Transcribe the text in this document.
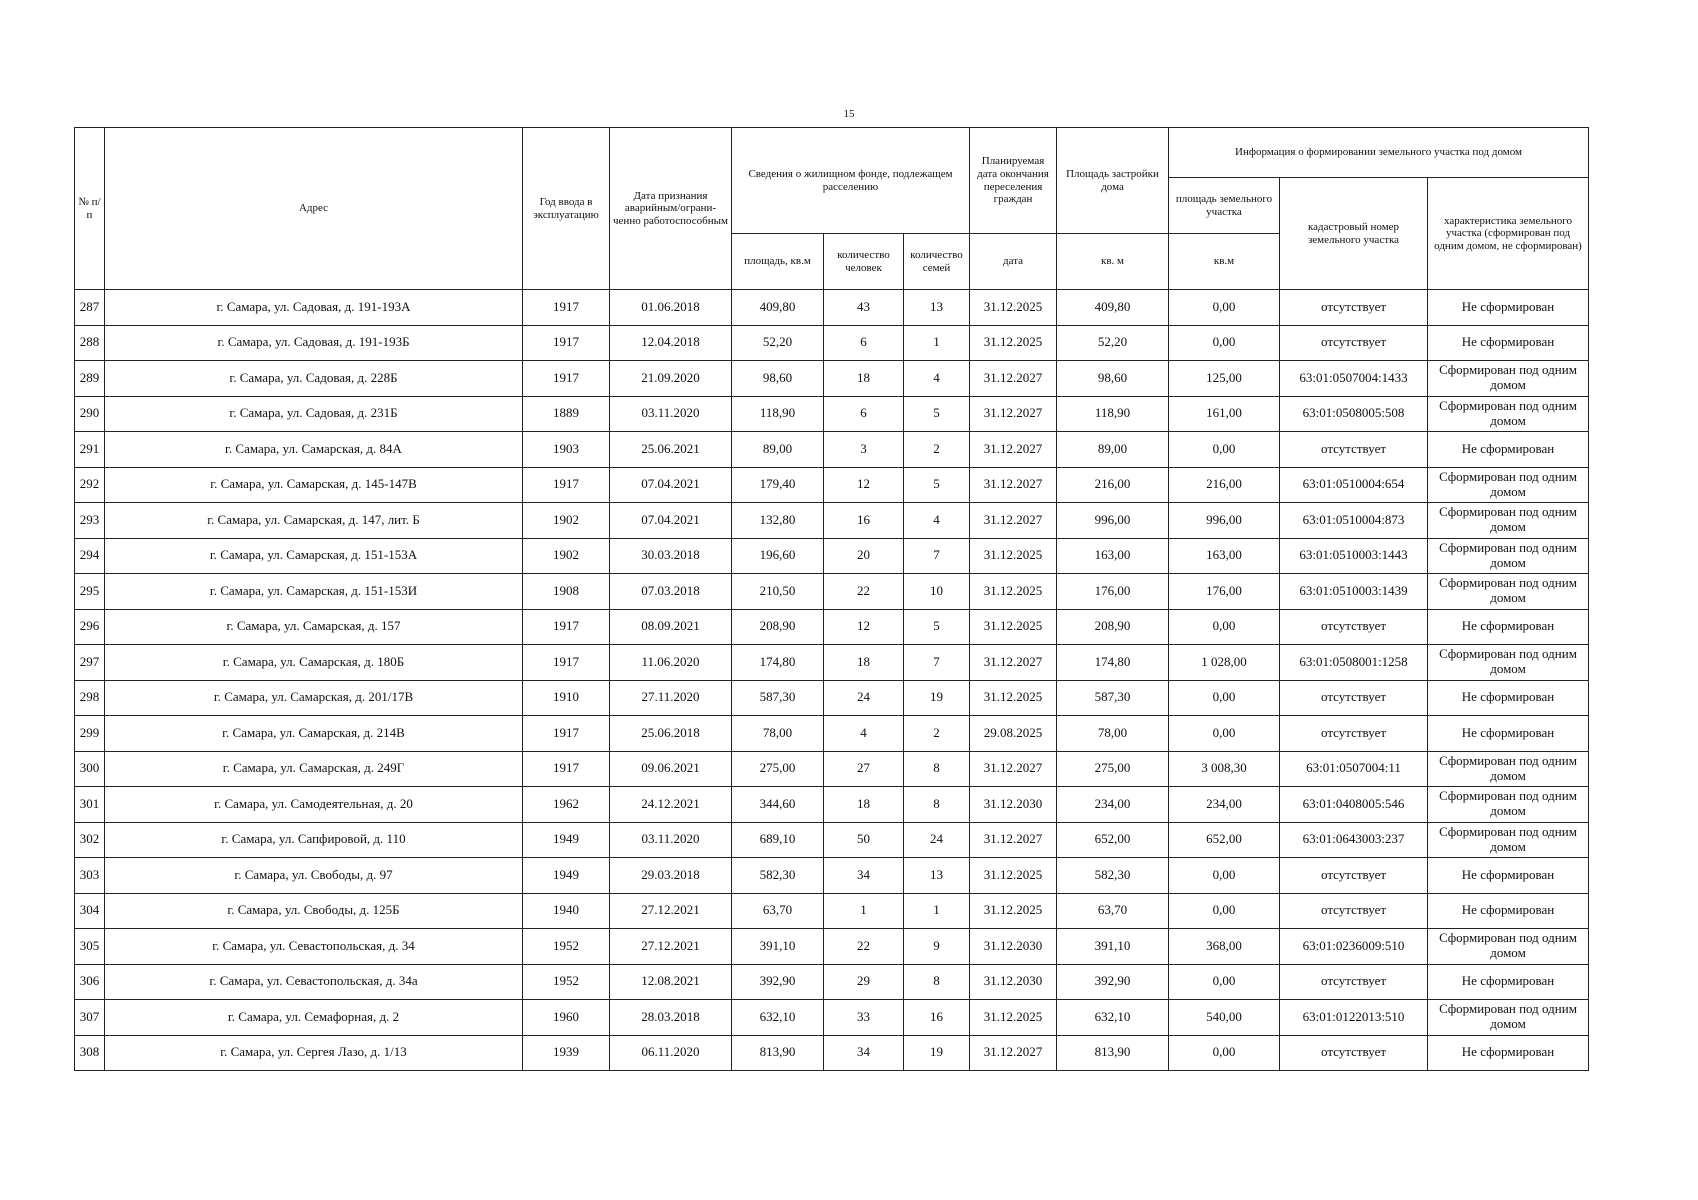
15
№ п/п	Адрес	Год ввода в эксплуатацию	Дата признания аварийным/ограни-ченно работоспособным	Сведения о жилищном фонде, подлежащем расселению			Планируемая дата окончания переселения граждан	Площадь застройки дома	Информация о формировании земельного участка под домом		
									площадь земельного участка	кадастровый номер земельного участка	характеристика земельного участка (сформирован под одним домом, не сформирован)
				площадь, кв.м	количество человек	количество семей	дата	кв. м	кв.м		
287	г. Самара, ул. Садовая, д. 191-193А	1917	01.06.2018	409,80	43	13	31.12.2025	409,80	0,00	отсутствует	Не сформирован
288	г. Самара, ул. Садовая, д. 191-193Б	1917	12.04.2018	52,20	6	1	31.12.2025	52,20	0,00	отсутствует	Не сформирован
289	г. Самара, ул. Садовая, д. 228Б	1917	21.09.2020	98,60	18	4	31.12.2027	98,60	125,00	63:01:0507004:1433	Сформирован под одним домом
290	г. Самара, ул. Садовая, д. 231Б	1889	03.11.2020	118,90	6	5	31.12.2027	118,90	161,00	63:01:0508005:508	Сформирован под одним домом
291	г. Самара, ул. Самарская, д. 84А	1903	25.06.2021	89,00	3	2	31.12.2027	89,00	0,00	отсутствует	Не сформирован
292	г. Самара, ул. Самарская, д. 145-147В	1917	07.04.2021	179,40	12	5	31.12.2027	216,00	216,00	63:01:0510004:654	Сформирован под одним домом
293	г. Самара, ул. Самарская, д. 147, лит. Б	1902	07.04.2021	132,80	16	4	31.12.2027	996,00	996,00	63:01:0510004:873	Сформирован под одним домом
294	г. Самара, ул. Самарская, д. 151-153А	1902	30.03.2018	196,60	20	7	31.12.2025	163,00	163,00	63:01:0510003:1443	Сформирован под одним домом
295	г. Самара, ул. Самарская, д. 151-153И	1908	07.03.2018	210,50	22	10	31.12.2025	176,00	176,00	63:01:0510003:1439	Сформирован под одним домом
296	г. Самара, ул. Самарская, д. 157	1917	08.09.2021	208,90	12	5	31.12.2025	208,90	0,00	отсутствует	Не сформирован
297	г. Самара, ул. Самарская, д. 180Б	1917	11.06.2020	174,80	18	7	31.12.2027	174,80	1 028,00	63:01:0508001:1258	Сформирован под одним домом
298	г. Самара, ул. Самарская, д. 201/17В	1910	27.11.2020	587,30	24	19	31.12.2025	587,30	0,00	отсутствует	Не сформирован
299	г. Самара, ул. Самарская, д. 214В	1917	25.06.2018	78,00	4	2	29.08.2025	78,00	0,00	отсутствует	Не сформирован
300	г. Самара, ул. Самарская, д. 249Г	1917	09.06.2021	275,00	27	8	31.12.2027	275,00	3 008,30	63:01:0507004:11	Сформирован под одним домом
301	г. Самара, ул. Самодеятельная, д. 20	1962	24.12.2021	344,60	18	8	31.12.2030	234,00	234,00	63:01:0408005:546	Сформирован под одним домом
302	г. Самара, ул. Сапфировой, д. 110	1949	03.11.2020	689,10	50	24	31.12.2027	652,00	652,00	63:01:0643003:237	Сформирован под одним домом
303	г. Самара, ул. Свободы, д. 97	1949	29.03.2018	582,30	34	13	31.12.2025	582,30	0,00	отсутствует	Не сформирован
304	г. Самара, ул. Свободы, д. 125Б	1940	27.12.2021	63,70	1	1	31.12.2025	63,70	0,00	отсутствует	Не сформирован
305	г. Самара, ул. Севастопольская, д. 34	1952	27.12.2021	391,10	22	9	31.12.2030	391,10	368,00	63:01:0236009:510	Сформирован под одним домом
306	г. Самара, ул. Севастопольская, д. 34а	1952	12.08.2021	392,90	29	8	31.12.2030	392,90	0,00	отсутствует	Не сформирован
307	г. Самара, ул. Семафорная, д. 2	1960	28.03.2018	632,10	33	16	31.12.2025	632,10	540,00	63:01:0122013:510	Сформирован под одним домом
308	г. Самара, ул. Сергея Лазо, д. 1/13	1939	06.11.2020	813,90	34	19	31.12.2027	813,90	0,00	отсутствует	Не сформирован
